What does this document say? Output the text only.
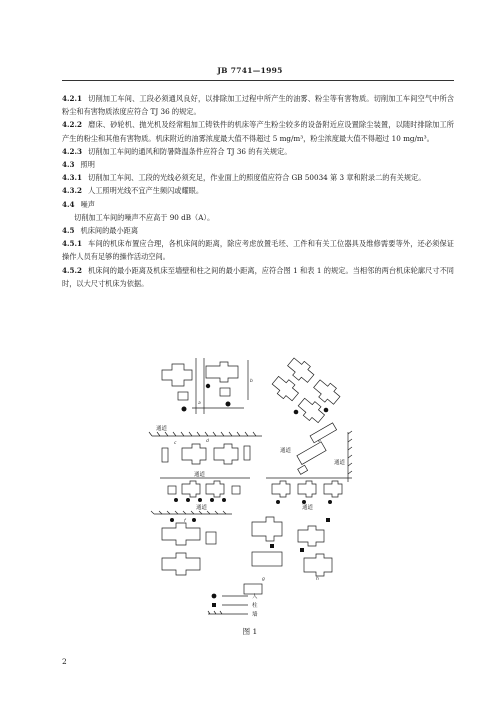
JB 7741—1995

4.2.1 切削加工车间、工段必须通风良好，以排除加工过程中所产生的油雾、粉尘等有害物质。切削加工车间空气中所含粉尘和有害物质浓度应符合 TJ 36 的规定。

4.2.2 磨床、砂轮机、抛光机及经常粗加工铸铁件的机床等产生粉尘较多的设备附近应设置除尘装置，以随时排除加工所产生的粉尘和其他有害物质。机床附近的油雾浓度最大值不得超过 5 mg/m³，粉尘浓度最大值不得超过 10 mg/m³。

4.2.3 切削加工车间的通风和防暑降温条件应符合 TJ 36 的有关规定。

4.3 照明

4.3.1 切削加工车间、工段的光线必须充足，作业面上的照度值应符合 GB 50034 第 3 章和附录二的有关规定。

4.3.2 人工照明光线不宜产生频闪或耀眼。

4.4 噪声

切削加工车间的噪声不应高于 90 dB（A）。

4.5 机床间的最小距离

4.5.1 车间的机床布置应合理，各机床间的距离，除应考虑放置毛坯、工件和有关工位器具及维修需要等外，还必须保证操作人员有足够的操作活动空间。

4.5.2 机床间的最小距离及机床至墙壁和柱之间的最小距离，应符合图 1 和表 1 的规定。当相邻的两台机床轮廓尺寸不同时，以大尺寸机床为依据。

通道
通道
通道
通道
通道	通道
人
柱
墙
a
b
c	d	e
f
g	h
图 1
2
